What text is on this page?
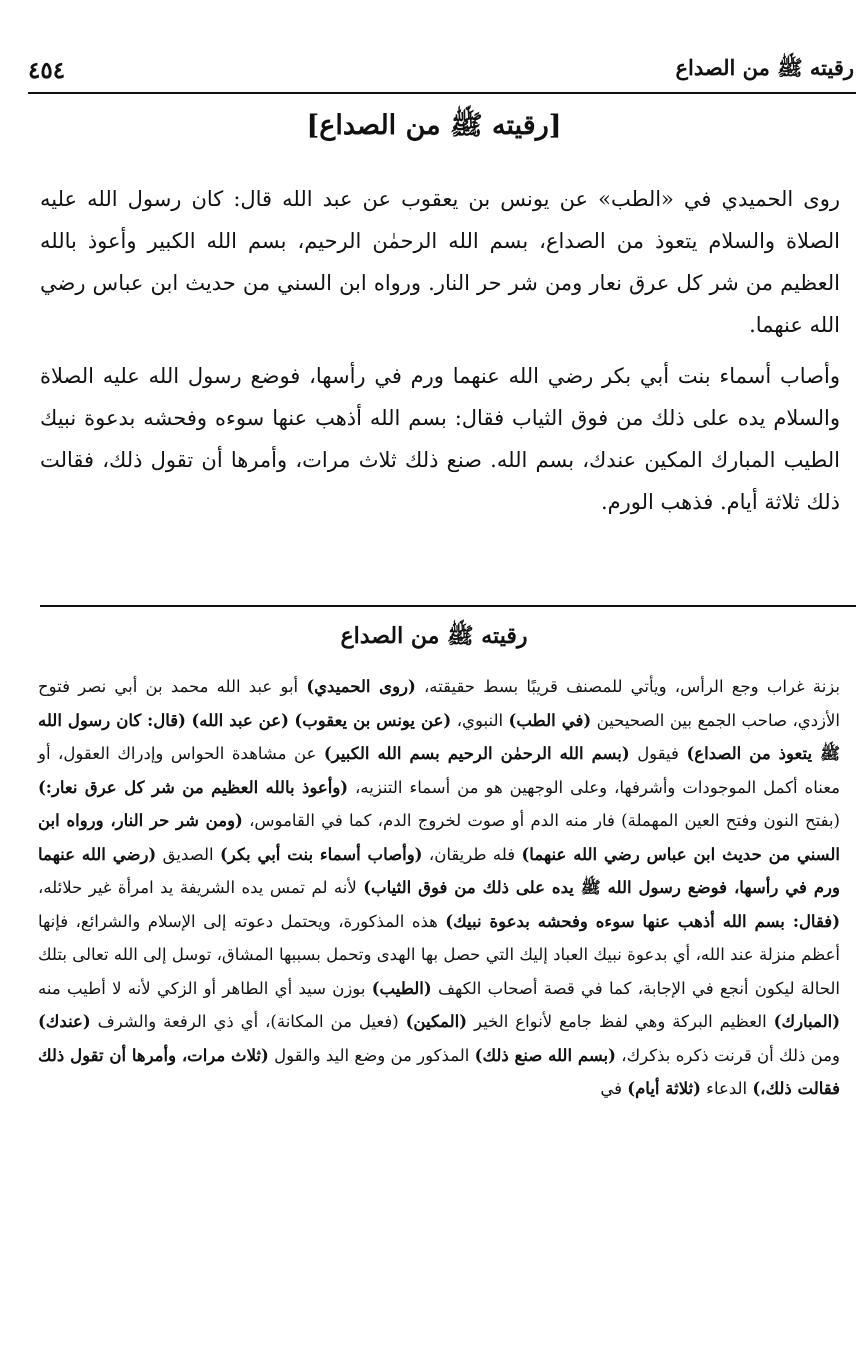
رقيته ﷺ من الصداع
٤٥٤
[رقيته ﷺ من الصداع]

روى الحميدي في «الطب» عن يونس بن يعقوب عن عبد الله قال: كان رسول الله عليه الصلاة والسلام يتعوذ من الصداع، بسم الله الرحمٰن الرحيم، بسم الله الكبير وأعوذ بالله العظيم من شر كل عرق نعار ومن شر حر النار. ورواه ابن السني من حديث ابن عباس رضي الله عنهما.

وأصاب أسماء بنت أبي بكر رضي الله عنهما ورم في رأسها، فوضع رسول الله عليه الصلاة والسلام يده على ذلك من فوق الثياب فقال: بسم الله أذهب عنها سوءه وفحشه بدعوة نبيك الطيب المبارك المكين عندك، بسم الله. صنع ذلك ثلاث مرات، وأمرها أن تقول ذلك، فقالت ذلك ثلاثة أيام. فذهب الورم.

رقيته ﷺ من الصداع

بزنة غراب وجع الرأس، ويأتي للمصنف قريبًا بسط حقيقته، (روى الحميدي) أبو عبد الله محمد بن أبي نصر فتوح الأزدي، صاحب الجمع بين الصحيحين (في الطب) النبوي، (عن يونس بن يعقوب) (عن عبد الله) (قال: كان رسول الله ﷺ يتعوذ من الصداع) فيقول (بسم الله الرحمٰن الرحيم بسم الله الكبير) عن مشاهدة الحواس وإدراك العقول، أو معناه أكمل الموجودات وأشرفها، وعلى الوجهين هو من أسماء التنزيه، (وأعوذ بالله العظيم من شر كل عرق نعار:) (بفتح النون وفتح العين المهملة) فار منه الدم أو صوت لخروج الدم، كما في القاموس، (ومن شر حر النار، ورواه ابن السني من حديث ابن عباس رضي الله عنهما) فله طريقان، (وأصاب أسماء بنت أبي بكر) الصديق (رضي الله عنهما ورم في رأسها، فوضع رسول الله ﷺ يده على ذلك من فوق الثياب) لأنه لم تمس يده الشريفة يد امرأة غير حلائله، (فقال: بسم الله أذهب عنها سوءه وفحشه بدعوة نبيك) هذه المذكورة، ويحتمل دعوته إلى الإسلام والشرائع، فإنها أعظم منزلة عند الله، أي بدعوة نبيك العباد إليك التي حصل بها الهدى وتحمل بسببها المشاق، توسل إلى الله تعالى بتلك الحالة ليكون أنجع في الإجابة، كما في قصة أصحاب الكهف (الطيب) بوزن سيد أي الطاهر أو الزكي لأنه لا أطيب منه (المبارك) العظيم البركة وهي لفظ جامع لأنواع الخير (المكين) (فعيل من المكانة)، أي ذي الرفعة والشرف (عندك) ومن ذلك أن قرنت ذكره بذكرك، (بسم الله صنع ذلك) المذكور من وضع اليد والقول (ثلاث مرات، وأمرها أن تقول ذلك فقالت ذلك،) الدعاء (ثلاثة أيام) في
